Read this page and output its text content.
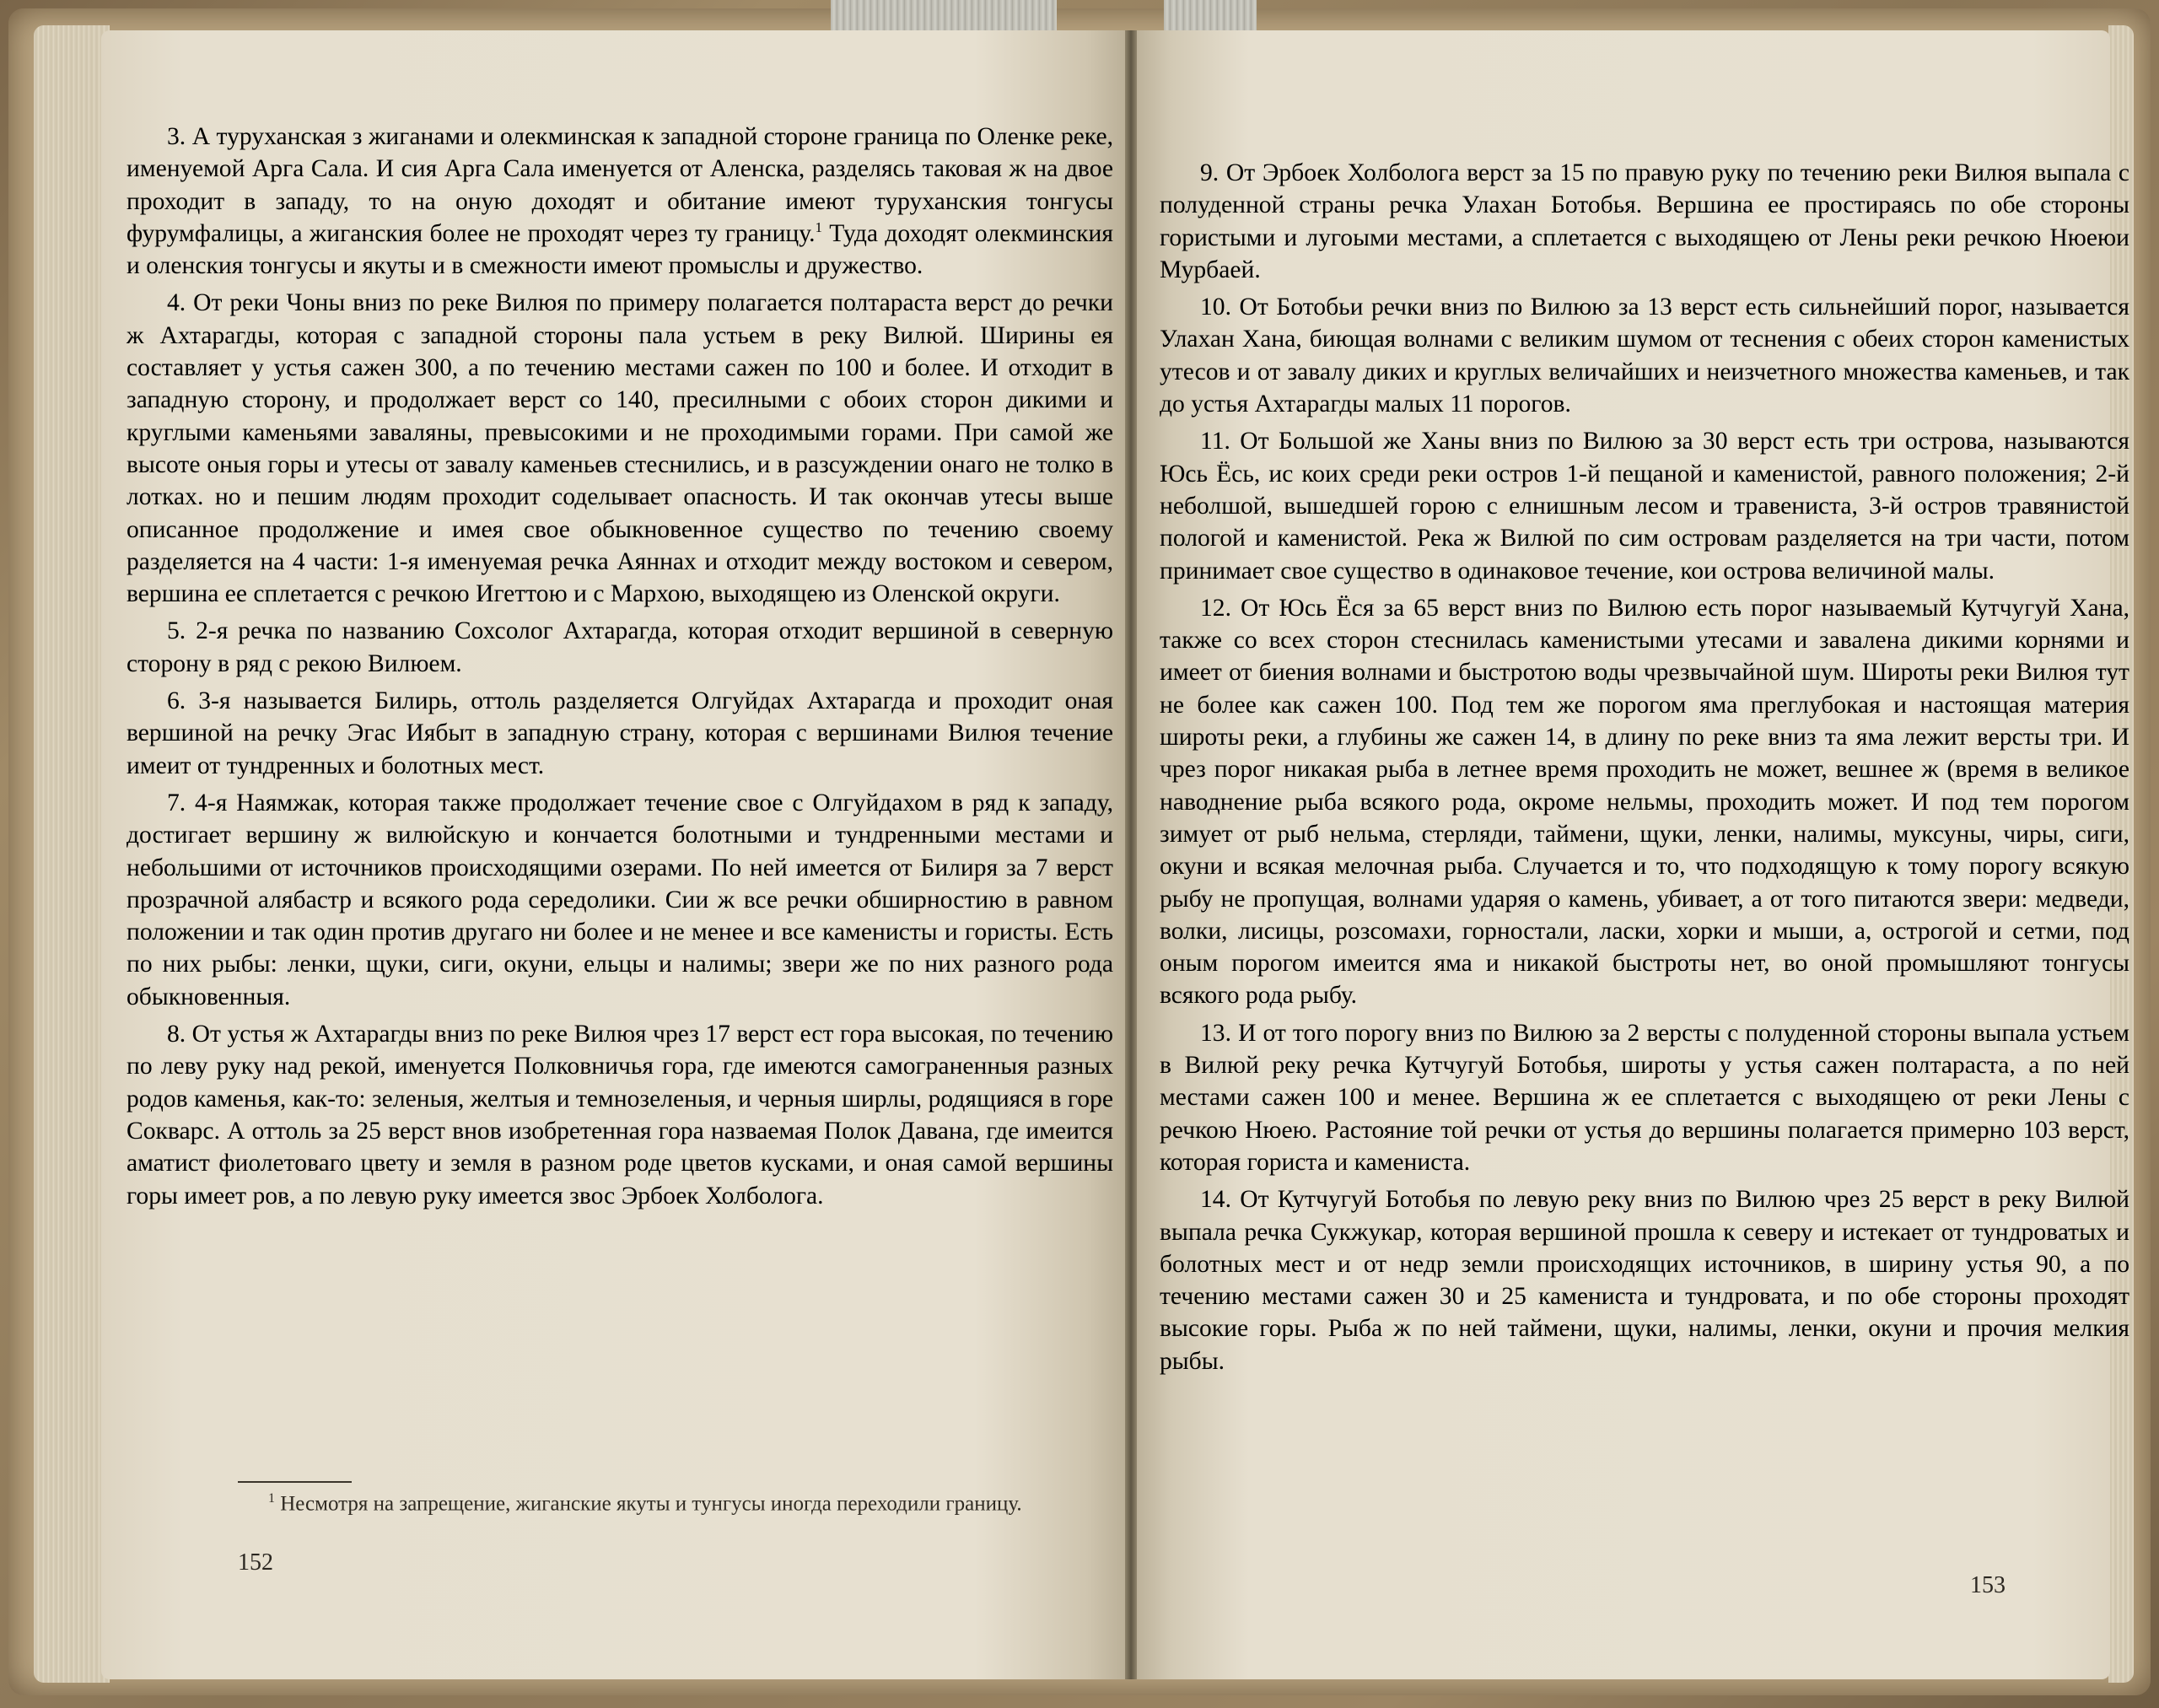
3. А туруханская з жиганами и олекминская к западной стороне граница по Оленке реке, именуемой Арга Сала. И сия Арга Сала именуется от Аленска, разделясь таковая ж на двое проходит в западу, то на оную доходят и обитание имеют туруханския тонгусы фурумфалицы, а жиганския более не проходят через ту границу.$^1$ Туда доходят олекминския и оленския тонгусы и якуты и в смежности имеют промыслы и дружество.

4. От реки Чоны вниз по реке Вилюя по примеру полагается полтараста верст до речки ж Ахтарагды, которая с западной стороны пала устьем в реку Вилюй. Ширины ея составляет у устья сажен 300, а по течению местами сажен по 100 и более. И отходит в западную сторону, и продолжает верст со 140, пресилными с обоих сторон дикими и круглыми каменьями заваляны, превысокими и не проходимыми горами. При самой же высоте оныя горы и утесы от завалу каменьев стеснились, и в разсуждении онаго не толко в лотках. но и пешим людям проходит соделывает опасность. И так окончав утесы выше описанное продолжение и имея свое обыкновенное существо по течению своему разделяется на 4 части: 1-я именуемая речка Аяннах и отходит между востоком и севером, вершина ее сплетается с речкою Игеттою и с Мархою, выходящею из Оленской округи.

5. 2-я речка по названию Сохсолог Ахтарагда, которая отходит вершиной в северную сторону в ряд с рекою Вилюем.

6. 3-я называется Билирь, оттоль разделяется Олгуйдах Ахтарагда и проходит оная вершиной на речку Эгас Иябыт в западную страну, которая с вершинами Вилюя течение имеит от тундренных и болотных мест.

7. 4-я Наямжак, которая также продолжает течение свое с Олгуйдахом в ряд к западу, достигает вершину ж вилюйскую и кончается болотными и тундренными местами и небольшими от источников происходящими озерами. По ней имеется от Билиря за 7 верст прозрачной алябастр и всякого рода середолики. Сии ж все речки обширностию в равном положении и так один против другаго ни более и не менее и все каменисты и гористы. Есть по них рыбы: ленки, щуки, сиги, окуни, ельцы и налимы; звери же по них разного рода обыкновенныя.

8. От устья ж Ахтарагды вниз по реке Вилюя чрез 17 верст ест гора высокая, по течению по леву руку над рекой, именуется Полковничья гора, где имеются самограненныя разных родов каменья, как-то: зеленыя, желтыя и темнозеленыя, и черныя ширлы, родящияся в горе Сокварс. А оттоль за 25 верст внов изобретенная гора назваемая Полок Давана, где имеится аматист фиолетоваго цвету и земля в разном роде цветов кусками, и оная самой вершины горы имеет ров, а по левую руку имеется звос Эрбоек Холболога.

$^1$ Несмотря на запрещение, жиганские якуты и тунгусы иногда переходили границу.
152

9. От Эрбоек Холболога верст за 15 по правую руку по течению реки Вилюя выпала с полуденной страны речка Улахан Ботобья. Вершина ее простираясь по обе стороны гористыми и лугоыми местами, а сплетается с выходящею от Лены реки речкою Нюеюи Мурбаей.

10. От Ботобьи речки вниз по Вилюю за 13 верст есть сильнейший порог, называется Улахан Хана, биющая волнами с великим шумом от теснения с обеих сторон каменистых утесов и от завалу диких и круглых величайших и неизчетного множества каменьев, и так до устья Ахтарагды малых 11 порогов.

11. От Большой же Ханы вниз по Вилюю за 30 верст есть три острова, называются Юсь Ёсь, ис коих среди реки остров 1-й пещаной и каменистой, равного положения; 2-й неболшой, вышедшей горою с елнишным лесом и травениста, 3-й остров травянистой пологой и каменистой. Река ж Вилюй по сим островам разделяется на три части, потом принимает свое существо в одинаковое течение, кои острова величиной малы.

12. От Юсь Ёся за 65 верст вниз по Вилюю есть порог называемый Кутчугуй Хана, также со всех сторон стеснилась каменистыми утесами и завалена дикими корнями и имеет от биения волнами и быстротою воды чрезвычайной шум. Широты реки Вилюя тут не более как сажен 100. Под тем же порогом яма преглубокая и настоящая материя широты реки, а глубины же сажен 14, в длину по реке вниз та яма лежит версты три. И чрез порог никакая рыба в летнее время проходить не может, вешнее ж (время в великое наводнение рыба всякого рода, окроме нельмы, проходить может. И под тем порогом зимует от рыб нельма, стерляди, таймени, щуки, ленки, налимы, муксуны, чиры, сиги, окуни и всякая мелочная рыба. Случается и то, что подходящую к тому порогу всякую рыбу не пропущая, волнами ударяя о камень, убивает, а от того питаются звери: медведи, волки, лисицы, розсомахи, горностали, ласки, хорки и мыши, а, острогой и сетми, под оным порогом имеится яма и никакой быстроты нет, во оной промышляют тонгусы всякого рода рыбу.

13. И от того порогу вниз по Вилюю за 2 версты с полуденной стороны выпала устьем в Вилюй реку речка Кутчугуй Ботобья, широты у устья сажен полтараста, а по ней местами сажен 100 и менее. Вершина ж ее сплетается с выходящею от реки Лены с речкою Нюею. Растояние той речки от устья до вершины полагается примерно 103 верст, которая гориста и камениста.

14. От Кутчугуй Ботобья по левую реку вниз по Вилюю чрез 25 верст в реку Вилюй выпала речка Сукжукар, которая вершиной прошла к северу и истекает от тундроватых и болотных мест и от недр земли происходящих источников, в ширину устья 90, а по течению местами сажен 30 и 25 камениста и тундровата, и по обе стороны проходят высокие горы. Рыба ж по ней таймени, щуки, налимы, ленки, окуни и прочия мелкия рыбы.

153
